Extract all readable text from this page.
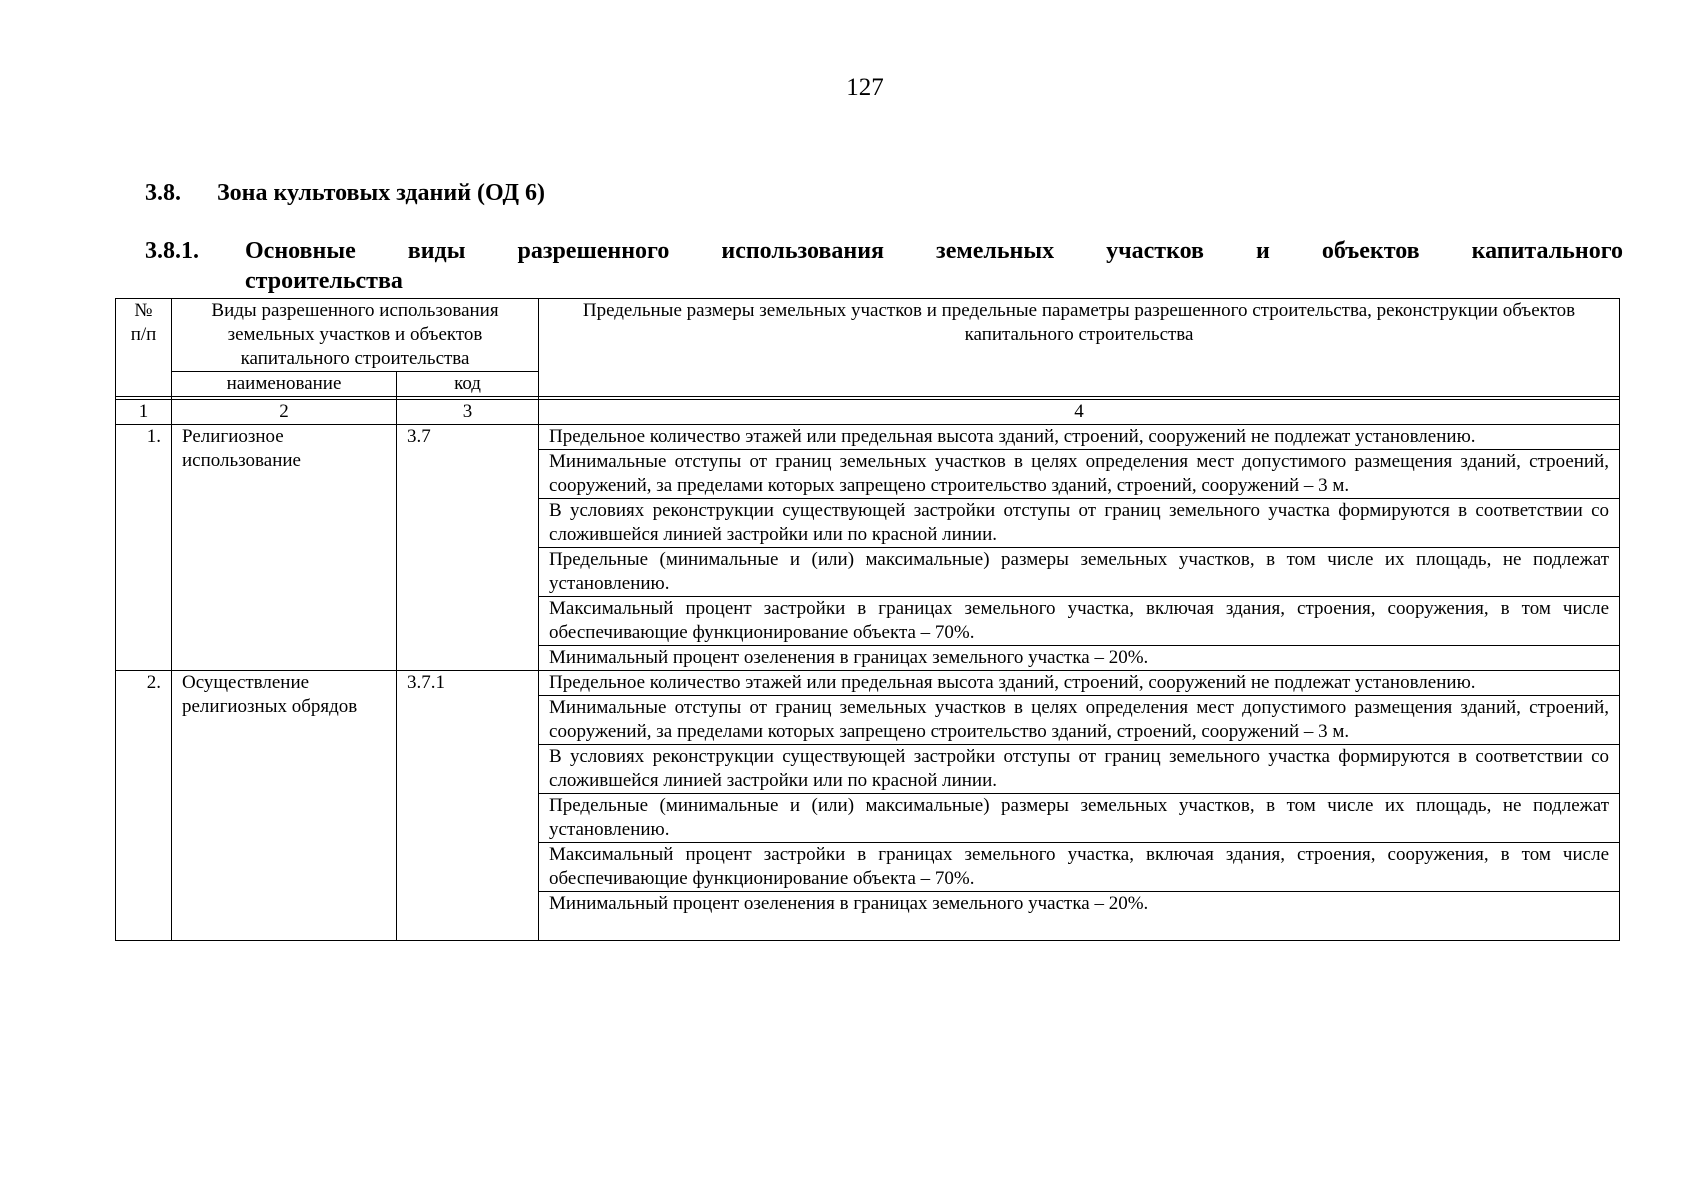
127
3.8. Зона культовых зданий (ОД 6)
3.8.1. Основные виды разрешенного использования земельных участков и объектов капитального
строительства
№ п/п	Виды разрешенного использования земельных участков и объектов капитального строительства		Предельные размеры земельных участков и предельные параметры разрешенного строительства, реконструкции объектов капитального строительства
	наименование	код	

1	2	3	4
1.	Религиозное использование	3.7	Предельное количество этажей или предельная высота зданий, строений, сооружений не подлежат установлению.
			Минимальные отступы от границ земельных участков в целях определения мест допустимого размещения зданий, строений, сооружений, за пределами которых запрещено строительство зданий, строений, сооружений – 3 м.
			В условиях реконструкции существующей застройки отступы от границ земельного участка формируются в соответствии со сложившейся линией застройки или по красной линии.
			Предельные (минимальные и (или) максимальные) размеры земельных участков, в том числе их площадь, не подлежат установлению.
			Максимальный процент застройки в границах земельного участка, включая здания, строения, сооружения, в том числе обеспечивающие функционирование объекта – 70%.
			Минимальный процент озеленения в границах земельного участка – 20%.
2.	Осуществление религиозных обрядов	3.7.1	Предельное количество этажей или предельная высота зданий, строений, сооружений не подлежат установлению.
			Минимальные отступы от границ земельных участков в целях определения мест допустимого размещения зданий, строений, сооружений, за пределами которых запрещено строительство зданий, строений, сооружений – 3 м.
			В условиях реконструкции существующей застройки отступы от границ земельного участка формируются в соответствии со сложившейся линией застройки или по красной линии.
			Предельные (минимальные и (или) максимальные) размеры земельных участков, в том числе их площадь, не подлежат установлению.
			Максимальный процент застройки в границах земельного участка, включая здания, строения, сооружения, в том числе обеспечивающие функционирование объекта – 70%.
			Минимальный процент озеленения в границах земельного участка – 20%.
